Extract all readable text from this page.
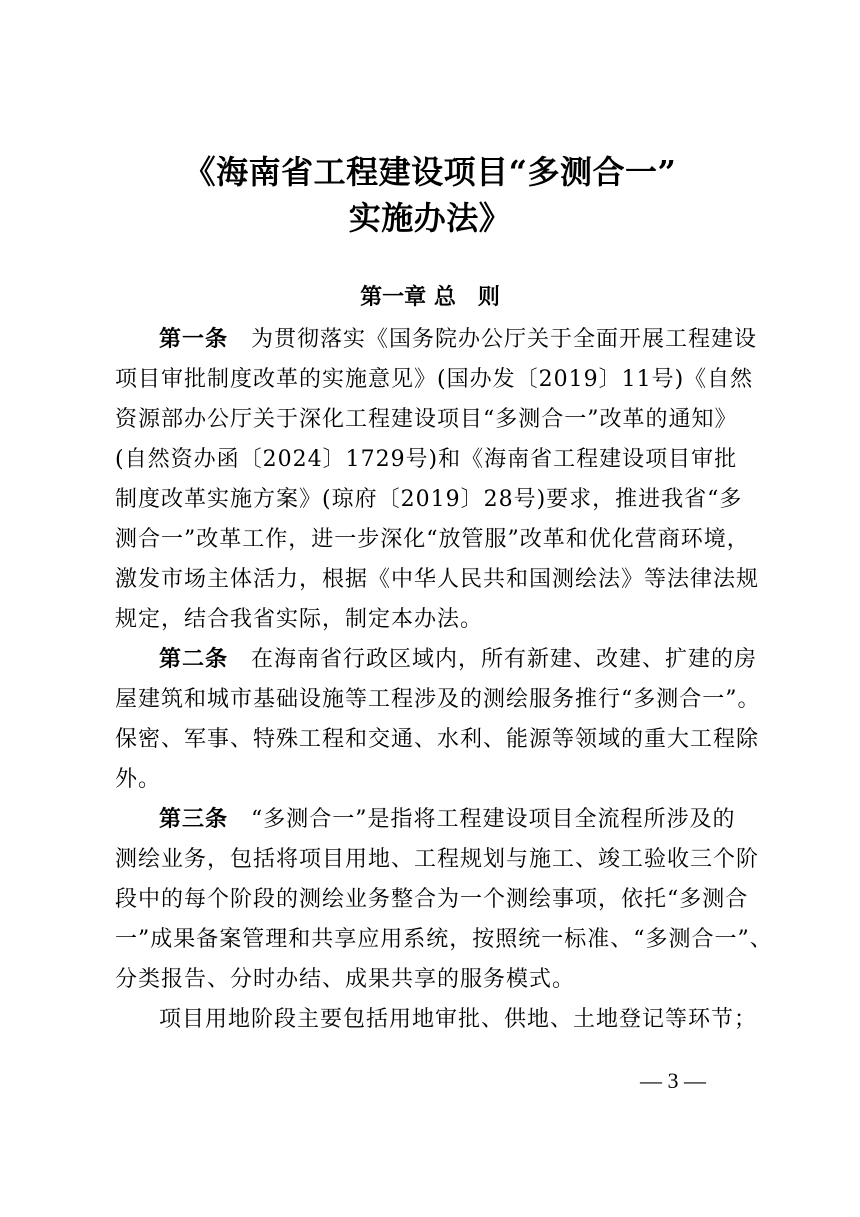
《海南省工程建设项目“多测合一”
实施办法》
第一章 总　则
第一条　为贯彻落实《国务院办公厅关于全面开展工程建设
项目审批制度改革的实施意见》(国办发〔2019〕11号)《自然
资源部办公厅关于深化工程建设项目“多测合一”改革的通知》
(自然资办函〔2024〕1729号)和《海南省工程建设项目审批
制度改革实施方案》(琼府〔2019〕28号)要求，推进我省“多
测合一”改革工作，进一步深化“放管服”改革和优化营商环境，
激发市场主体活力，根据《中华人民共和国测绘法》等法律法规
规定，结合我省实际，制定本办法。
第二条　在海南省行政区域内，所有新建、改建、扩建的房
屋建筑和城市基础设施等工程涉及的测绘服务推行“多测合一”。
保密、军事、特殊工程和交通、水利、能源等领域的重大工程除
外。
第三条　“多测合一”是指将工程建设项目全流程所涉及的
测绘业务，包括将项目用地、工程规划与施工、竣工验收三个阶
段中的每个阶段的测绘业务整合为一个测绘事项，依托“多测合
一”成果备案管理和共享应用系统，按照统一标准、“多测合一”、
分类报告、分时办结、成果共享的服务模式。
项目用地阶段主要包括用地审批、供地、土地登记等环节；
— 3 —
